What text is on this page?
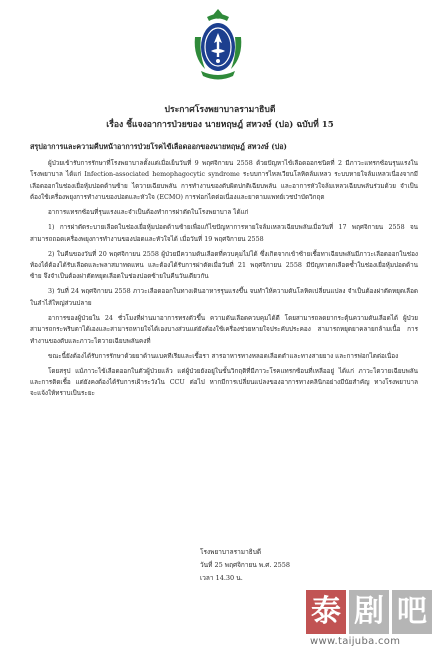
ประกาศโรงพยาบาลรามาธิบดี
เรื่อง ชี้แจงอาการป่วยของ นายหฤษฎ์ สหวงษ์ (ปอ) ฉบับที่ 15
สรุปอาการและความคืบหน้าอาการป่วยโรคไข้เลือดออกของนายหฤษฎ์ สหวงษ์ (ปอ)

ผู้ป่วยเข้ารับการรักษาที่โรงพยาบาลตั้งแต่เมื่อเย็นวันที่ 9 พฤศจิกายน 2558 ด้วยปัญหาไข้เลือดออกชนิดที่ 2 มีภาวะแทรกซ้อนรุนแรงในโรงพยาบาล ได้แก่ Infection-associated hemophagocytic syndrome ระบบการไหลเวียนโลหิตล้มเหลว ระบบหายใจล้มเหลวเนื่องจากมีเลือดออกในช่องเยื่อหุ้มปอดด้านซ้าย ไตวายเฉียบพลัน การทำงานของตับผิดปกติเฉียบพลัน และอาการหัวใจล้มเหลวเฉียบพลันร่วมด้วย จำเป็นต้องใช้เครื่องพยุงการทำงานของปอดและหัวใจ (ECMO) การฟอกไตต่อเนื่องและยาตามแพทย์เวชบำบัดวิกฤต

อาการแทรกซ้อนที่รุนแรงและจำเป็นต้องทำการผ่าตัดในโรงพยาบาล ได้แก่

1) การผ่าตัดระบายเลือดในช่องเยื่อหุ้มปอดด้านซ้ายเพื่อแก้ไขปัญหาการหายใจล้มเหลวเฉียบพลันเมื่อวันที่ 17 พฤศจิกายน 2558 จนสามารถถอดเครื่องพยุงการทำงานของปอดและหัวใจได้ เมื่อวันที่ 19 พฤศจิกายน 2558

2) ในคืนของวันที่ 20 พฤศจิกายน 2558 ผู้ป่วยมีความดันเลือดที่ควบคุมไม่ได้ ซึ่งเกิดจากเข้าซ้ายเชื้อทาเฉียบพลันมีภาวะเลือดออกในช่องท้องได้ต้องได้รับเลือดและพลาสมาทดแทน และต้องได้รับการผ่าตัดเมื่อวันที่ 21 พฤศจิกายน 2558 มีปัญหาตกเลือดซ้ำในช่องเยื่อหุ้มปอดด้านซ้าย จึงจำเป็นต้องผ่าตัดหยุดเลือดในช่องปอดซ้ายในคืนวันเดียวกัน

3) วันที่ 24 พฤศจิกายน 2558 ภาวะเลือดออกในทางเดินอาหารรุนแรงขึ้น จนทำให้ความดันโลหิตเปลี่ยนแปลง จำเป็นต้องผ่าตัดหยุดเลือดในลำไส้ใหญ่ส่วนปลาย

อาการของผู้ป่วยใน 24 ชั่วโมงที่ผ่านมาอาการทรงตัวขึ้น ความดันเลือดควบคุมได้ดี โดยสามารถลดยากระตุ้นความดันเลือดได้ ผู้ป่วยสามารถกระพริบตาได้เองและสามารถหายใจได้เองบางส่วนแต่ยังต้องใช้เครื่องช่วยหายใจประคับประคอง สามารถหยุดยาคลายกล้ามเนื้อ การทำงานของตับและภาวะไตวายเฉียบพลันคงที่

ขณะนี้ยังต้องได้รับการรักษาด้วยยาด้านแบคทีเรียและเชื้อรา สารอาหารทางหลอดเลือดดำและทางสายยาง และการฟอกไตต่อเนื่อง

โดยสรุป แม้ภาวะไข้เลือดออกในตัวผู้ป่วยแล้ว แต่ผู้ป่วยยังอยู่ในขั้นวิกฤติที่มีภาวะโรคแทรกซ้อนที่เหลืออยู่ ได้แก่ ภาวะไตวายเฉียบพลัน และการติดเชื้อ แต่ยังคงต้องได้รับการเฝ้าระวังใน CCU ต่อไป หากมีการเปลี่ยนแปลงของอาการทางคลินิกอย่างมีนัยสำคัญ ทางโรงพยาบาลจะแจ้งให้ทราบเป็นระยะ

โรงพยาบาลรามาธิบดี
วันที่ 25 พฤศจิกายน พ.ศ. 2558
เวลา 14.30 น.
泰 剧 吧
www.taijuba.com
